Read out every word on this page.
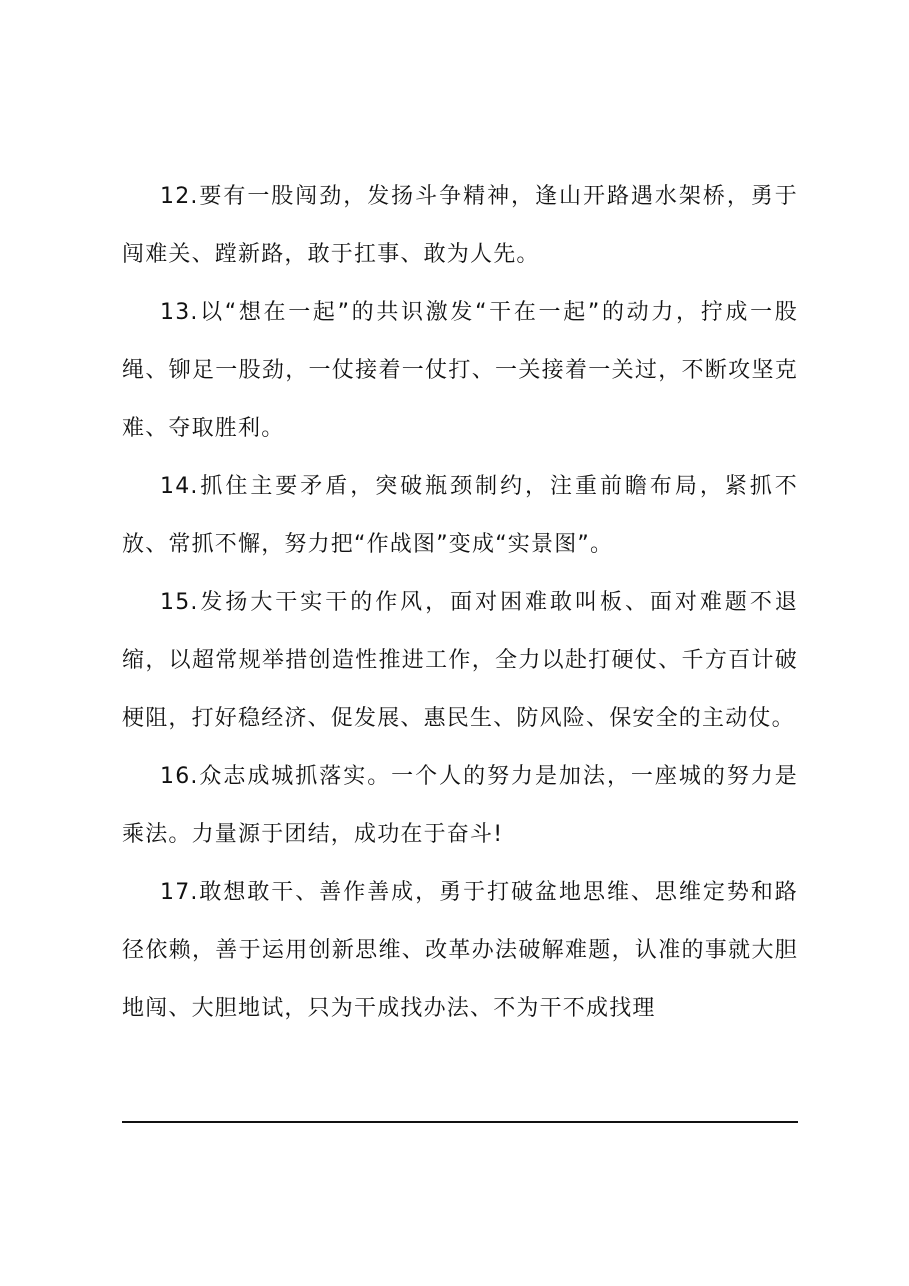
12.要有一股闯劲，发扬斗争精神，逢山开路遇水架桥，勇于闯难关、蹚新路，敢于扛事、敢为人先。

13.以“想在一起”的共识激发“干在一起”的动力，拧成一股绳、铆足一股劲，一仗接着一仗打、一关接着一关过，不断攻坚克难、夺取胜利。

14.抓住主要矛盾，突破瓶颈制约，注重前瞻布局，紧抓不放、常抓不懈，努力把“作战图”变成“实景图”。

15.发扬大干实干的作风，面对困难敢叫板、面对难题不退缩，以超常规举措创造性推进工作，全力以赴打硬仗、千方百计破梗阻，打好稳经济、促发展、惠民生、防风险、保安全的主动仗。

16.众志成城抓落实。一个人的努力是加法，一座城的努力是乘法。力量源于团结，成功在于奋斗!

17.敢想敢干、善作善成，勇于打破盆地思维、思维定势和路径依赖，善于运用创新思维、改革办法破解难题，认准的事就大胆地闯、大胆地试，只为干成找办法、不为干不成找理
